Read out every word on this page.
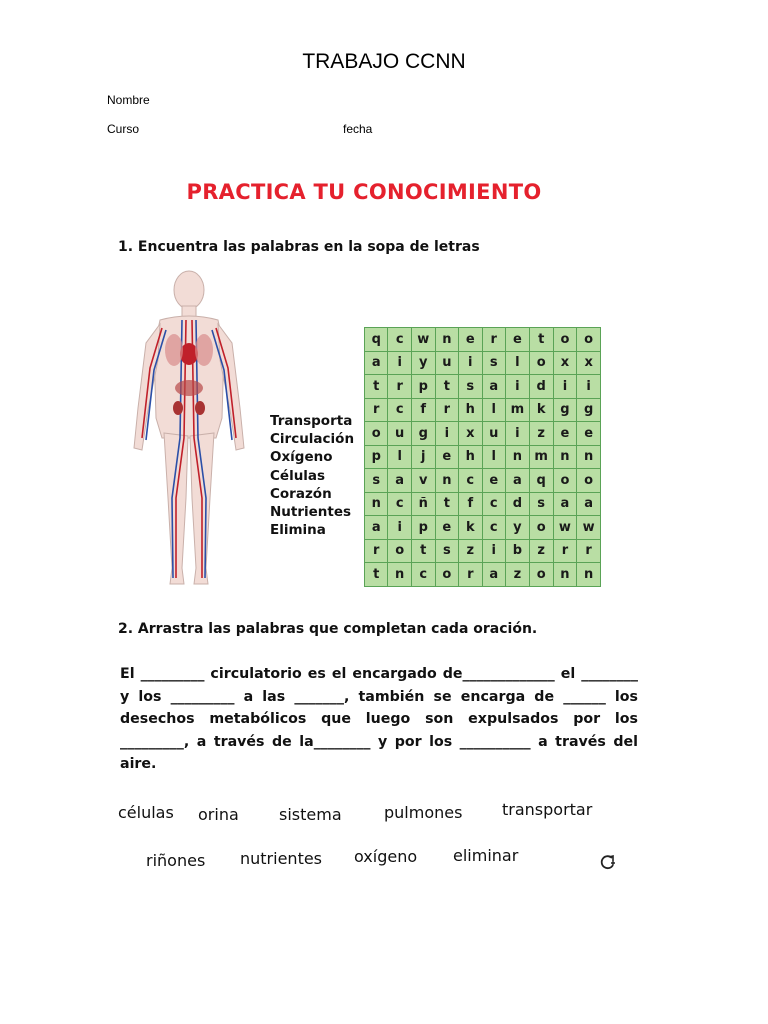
TRABAJO CCNN
Nombre
Curso	fecha
PRACTICA TU CONOCIMIENTO
1. Encuentra las palabras en la sopa de letras
Transporta
Circulación
Oxígeno
Células
Corazón
Nutrientes
Elimina
q	c	w	n	e	r	e	t	o	o
a	i	y	u	i	s	l	o	x	x
t	r	p	t	s	a	i	d	i	i
r	c	f	r	h	l	m	k	g	g
o	u	g	i	x	u	i	z	e	e
p	l	j	e	h	l	n	m	n	n
s	a	v	n	c	e	a	q	o	o
n	c	ñ	t	f	c	d	s	a	a
a	i	p	e	k	c	y	o	w	w
r	o	t	s	z	i	b	z	r	r
t	n	c	o	r	a	z	o	n	n
2. Arrastra las palabras que completan cada oración.
El _________ circulatorio es el encargado de_____________ el ________ y los _________ a las _______, también se encarga de ______ los desechos metabólicos que luego son expulsados por los _________, a través de la________ y por los __________ a través del aire.
células orina	sistema	pulmones transportar
riñones nutrientes oxígeno eliminar
